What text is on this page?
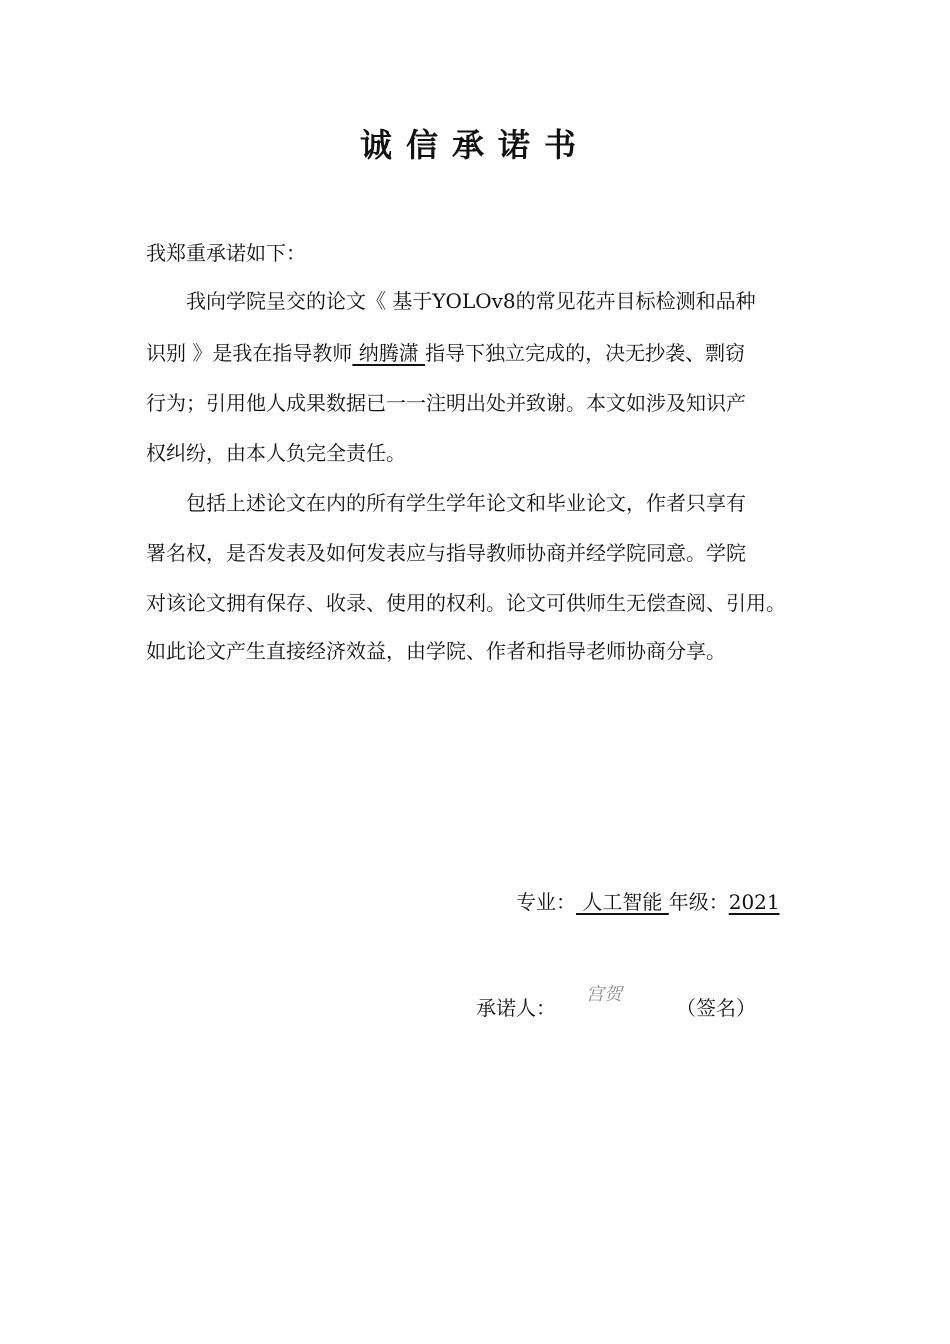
诚信承诺书
我郑重承诺如下：
我向学院呈交的论文《 基于YOLOv8的常见花卉目标检测和品种
识别 》是我在指导教师 纳腾潇 指导下独立完成的，决无抄袭、剽窃
行为；引用他人成果数据已一一注明出处并致谢。本文如涉及知识产
权纠纷，由本人负完全责任。
包括上述论文在内的所有学生学年论文和毕业论文，作者只享有
署名权，是否发表及如何发表应与指导教师协商并经学院同意。学院
对该论文拥有保存、收录、使用的权利。论文可供师生无偿查阅、引用。
如此论文产生直接经济效益，由学院、作者和指导老师协商分享。
专业： 人工智能 年级：2021
承诺人：
宫贺
（签名）
